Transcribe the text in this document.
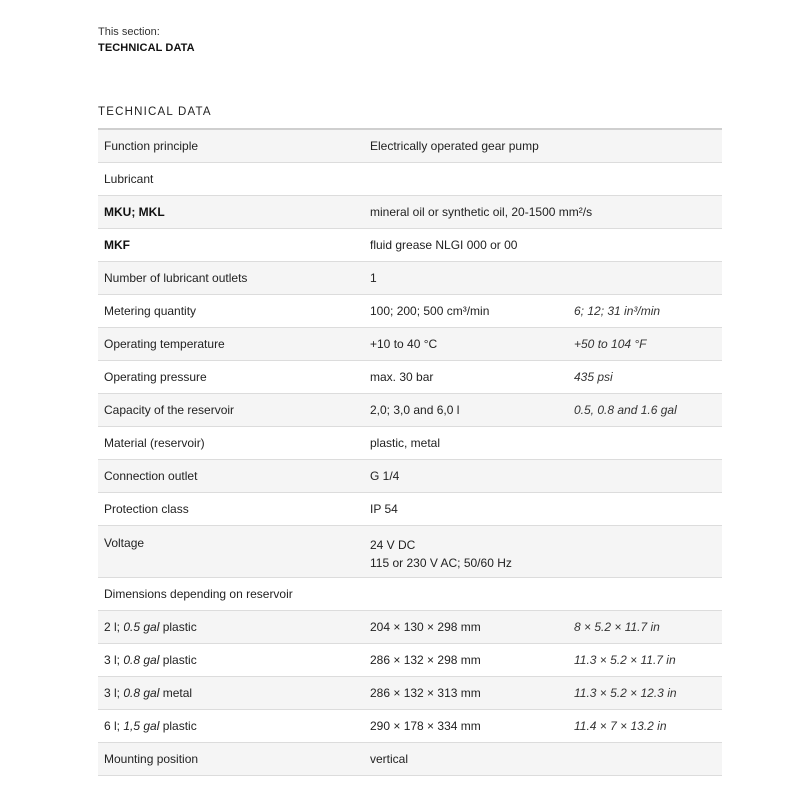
This section:
TECHNICAL DATA
TECHNICAL DATA
Function principle	Electrically operated gear pump
Lubricant
MKU; MKL	mineral oil or synthetic oil, 20-1500 mm²/s
MKF	fluid grease NLGI 000 or 00
Number of lubricant outlets	1
Metering quantity	100; 200; 500 cm³/min	6; 12; 31 in³/min
Operating temperature	+10 to 40 °C	+50 to 104 °F
Operating pressure	max. 30 bar	435 psi
Capacity of the reservoir	2,0; 3,0 and 6,0 l	0.5, 0.8 and 1.6 gal
Material (reservoir)	plastic, metal
Connection outlet	G 1/4
Protection class	IP 54
Voltage	24 V DC
115 or 230 V AC; 50/60 Hz
Dimensions depending on reservoir
2 l; 0.5 gal plastic	204 × 130 × 298 mm	8 × 5.2 × 11.7 in
3 l; 0.8 gal plastic	286 × 132 × 298 mm	11.3 × 5.2 × 11.7 in
3 l; 0.8 gal metal	286 × 132 × 313 mm	11.3 × 5.2 × 12.3 in
6 l; 1,5 gal plastic	290 × 178 × 334 mm	11.4 × 7 × 13.2 in
Mounting position	vertical
